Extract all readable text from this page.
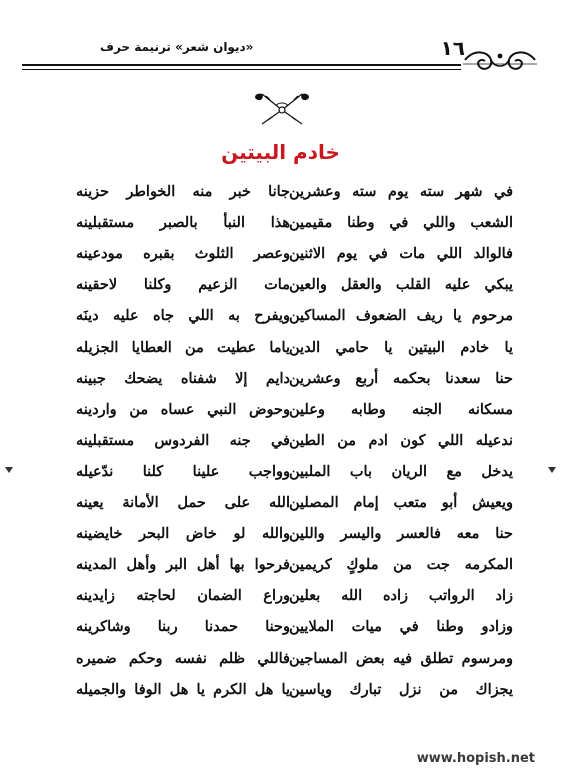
١٦
«ديوان شعر» ترنيمة حرف
خادم البيتين
في شهر سته يوم سته وعشرين
جانا خبر منه الخواطر حزينه
الشعب واللي في وطنا مقيمين
هذا النبأ بالصبر مستقبلينه
فالوالد اللي مات في يوم الاثنين
وعصر الثلوث بقبره مودعينه
يبكي عليه القلب والعقل والعين
مات الزعيم وكلنا لاحقينه
مرحوم يا ريف الضعوف المساكين
ويفرح به اللي جاه عليه دينَه
يا خادم البيتين يا حامي الدين
ياما عطيت من العطايا الجزيله
حنا سعدنا بحكمه أربع وعشرين
دايم إلا شفناه يضحك جبينه
مسكانه الجنه وطابه وعلين
وحوض النبي عساه من واردينه
ندعيله اللي كون ادم من الطين
في جنه الفردوس مستقبلينه
يدخل مع الريان باب الملبين
وواجب علينا كلنا ندّعيله
ويعيش أبو متعب إمام المصلين
الله على حمل الأمانة يعينه
حنا معه فالعسر واليسر واللين
والله لو خاض البحر خايضينه
المكرمه جت من ملوكٍ كريمين
فرحوا بها أهل البر وأهل المدينه
زاد الرواتب زاده الله بعلين
وراع الضمان لحاجته زايدينه
وزادو وطنا في ميات الملايين
وحنا حمدنا ربنا وشاكرينه
ومرسوم تطلق فيه بعض المساجين
فاللي ظلم نفسه وحكم ضميره
يجزاك من نزل تبارك وياسين
يا هل الكرم يا هل الوفا والجميله
www.hopish.net
